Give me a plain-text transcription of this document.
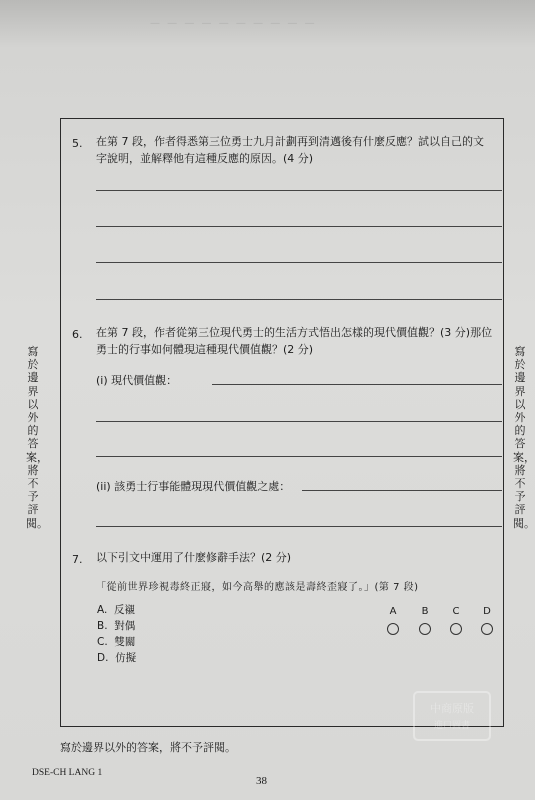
— — — — — — — — — —
寫於邊界以外的答案，將不予評閱。
寫於邊界以外的答案，將不予評閱。
5. 在第 7 段，作者得悉第三位勇士九月計劃再到清邁後有什麼反應？試以自己的文字說明，並解釋他有這種反應的原因。(4 分)
6. 在第 7 段，作者從第三位現代勇士的生活方式悟出怎樣的現代價值觀？(3 分)那位勇士的行事如何體現這種現代價值觀？(2 分)
(i) 現代價值觀：
(ii) 該勇士行事能體現現代價值觀之處：
7. 以下引文中運用了什麼修辭手法？(2 分)
「從前世界珍視毒終正寢，如今高舉的應該是壽終歪寢了。」(第 7 段)
A. 反襯
B. 對偶
C. 雙關
D. 仿擬
A	B	C	D
寫於邊界以外的答案，將不予評閱。
DSE-CH LANG 1
38
中商原版
進口圖書
